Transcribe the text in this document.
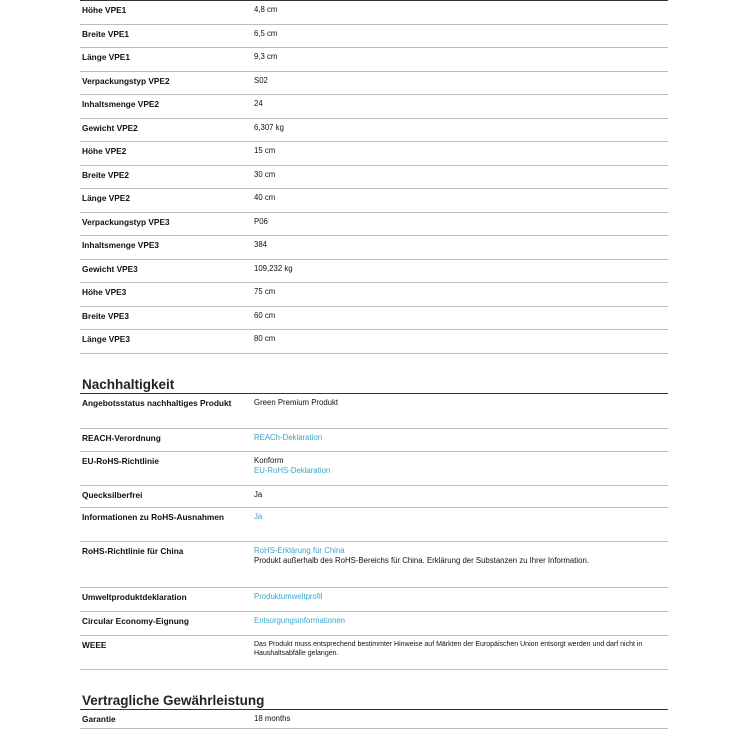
Höhe VPE1	4,8 cm
Breite VPE1	6,5 cm
Länge VPE1	9,3 cm
Verpackungstyp VPE2	S02
Inhaltsmenge VPE2	24
Gewicht VPE2	6,307 kg
Höhe VPE2	15 cm
Breite VPE2	30 cm
Länge VPE2	40 cm
Verpackungstyp VPE3	P06
Inhaltsmenge VPE3	384
Gewicht VPE3	109,232 kg
Höhe VPE3	75 cm
Breite VPE3	60 cm
Länge VPE3	80 cm
Nachhaltigkeit
Angebotsstatus nachhaltiges Produkt	Green Premium Produkt
REACH-Verordnung	REACh-Deklaration
EU-RoHS-Richtlinie	Konform
EU-RoHS-Deklaration
Quecksilberfrei	Ja
Informationen zu RoHS-Ausnahmen	Ja
RoHS-Richtlinie für China	RoHS-Erklärung für China
Produkt außerhalb des RoHS-Bereichs für China. Erklärung der Substanzen zu Ihrer Information.
Umweltproduktdeklaration	Produktumweltprofil
Circular Economy-Eignung	Entsorgungsinformationen
WEEE	Das Produkt muss entsprechend bestimmter Hinweise auf Märkten der Europäischen Union entsorgt werden und darf nicht in Haushaltsabfälle gelangen.
Vertragliche Gewährleistung
Garantie	18 months
